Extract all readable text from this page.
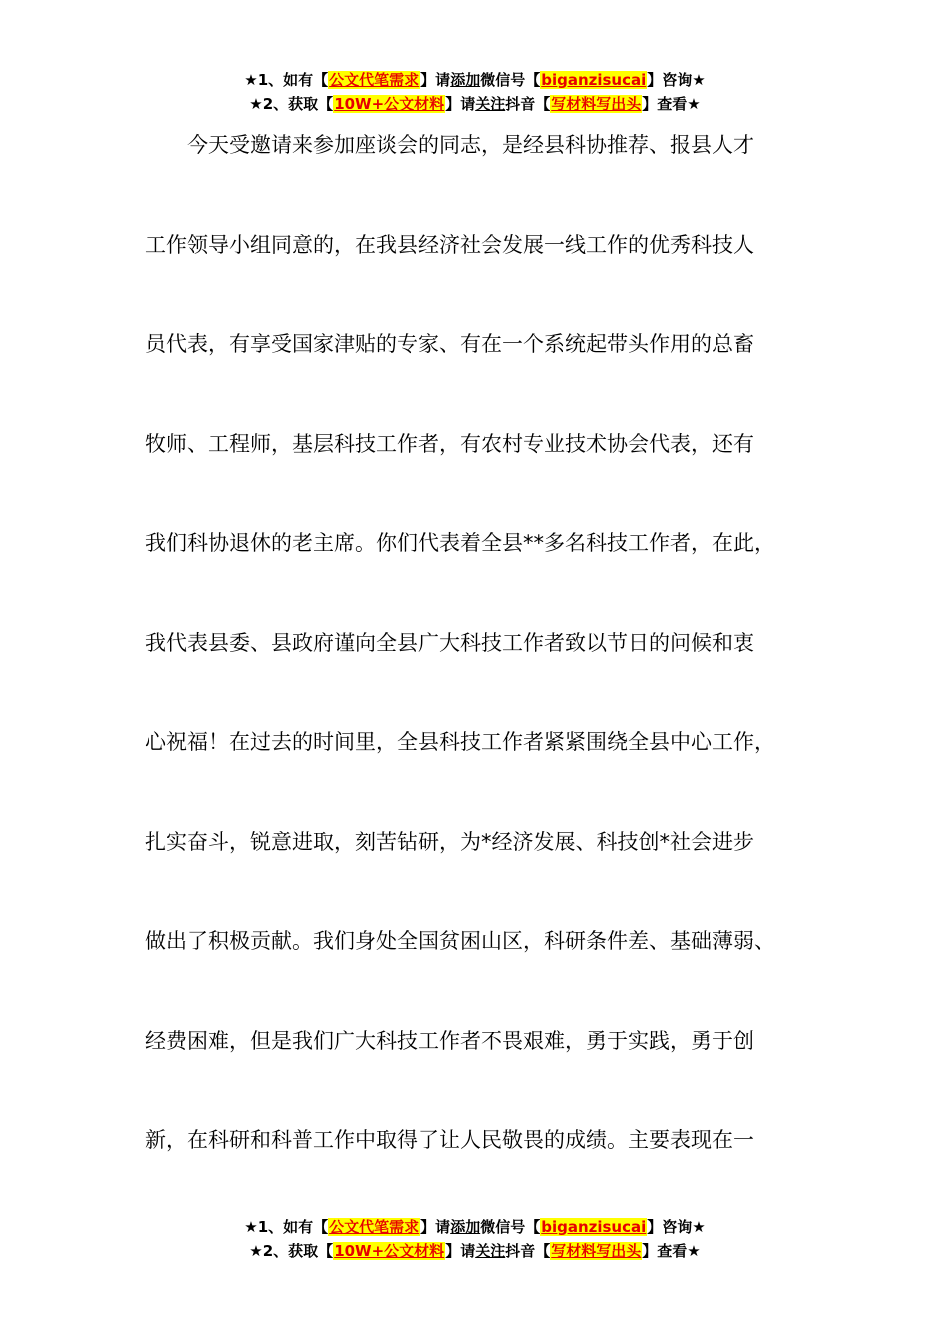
★1、如有【公文代笔需求】请添加微信号【biganzisucai】咨询★
★2、获取【10W+公文材料】请关注抖音【写材料写出头】查看★
　　今天受邀请来参加座谈会的同志，是经县科协推荐、报县人才
工作领导小组同意的，在我县经济社会发展一线工作的优秀科技人
员代表，有享受国家津贴的专家、有在一个系统起带头作用的总畜
牧师、工程师，基层科技工作者，有农村专业技术协会代表，还有
我们科协退休的老主席。你们代表着全县**多名科技工作者，在此，
我代表县委、县政府谨向全县广大科技工作者致以节日的问候和衷
心祝福！在过去的时间里，全县科技工作者紧紧围绕全县中心工作，
扎实奋斗，锐意进取，刻苦钻研，为*经济发展、科技创*社会进步
做出了积极贡献。我们身处全国贫困山区，科研条件差、基础薄弱、
经费困难，但是我们广大科技工作者不畏艰难，勇于实践，勇于创
新，在科研和科普工作中取得了让人民敬畏的成绩。主要表现在一
★1、如有【公文代笔需求】请添加微信号【biganzisucai】咨询★
★2、获取【10W+公文材料】请关注抖音【写材料写出头】查看★
